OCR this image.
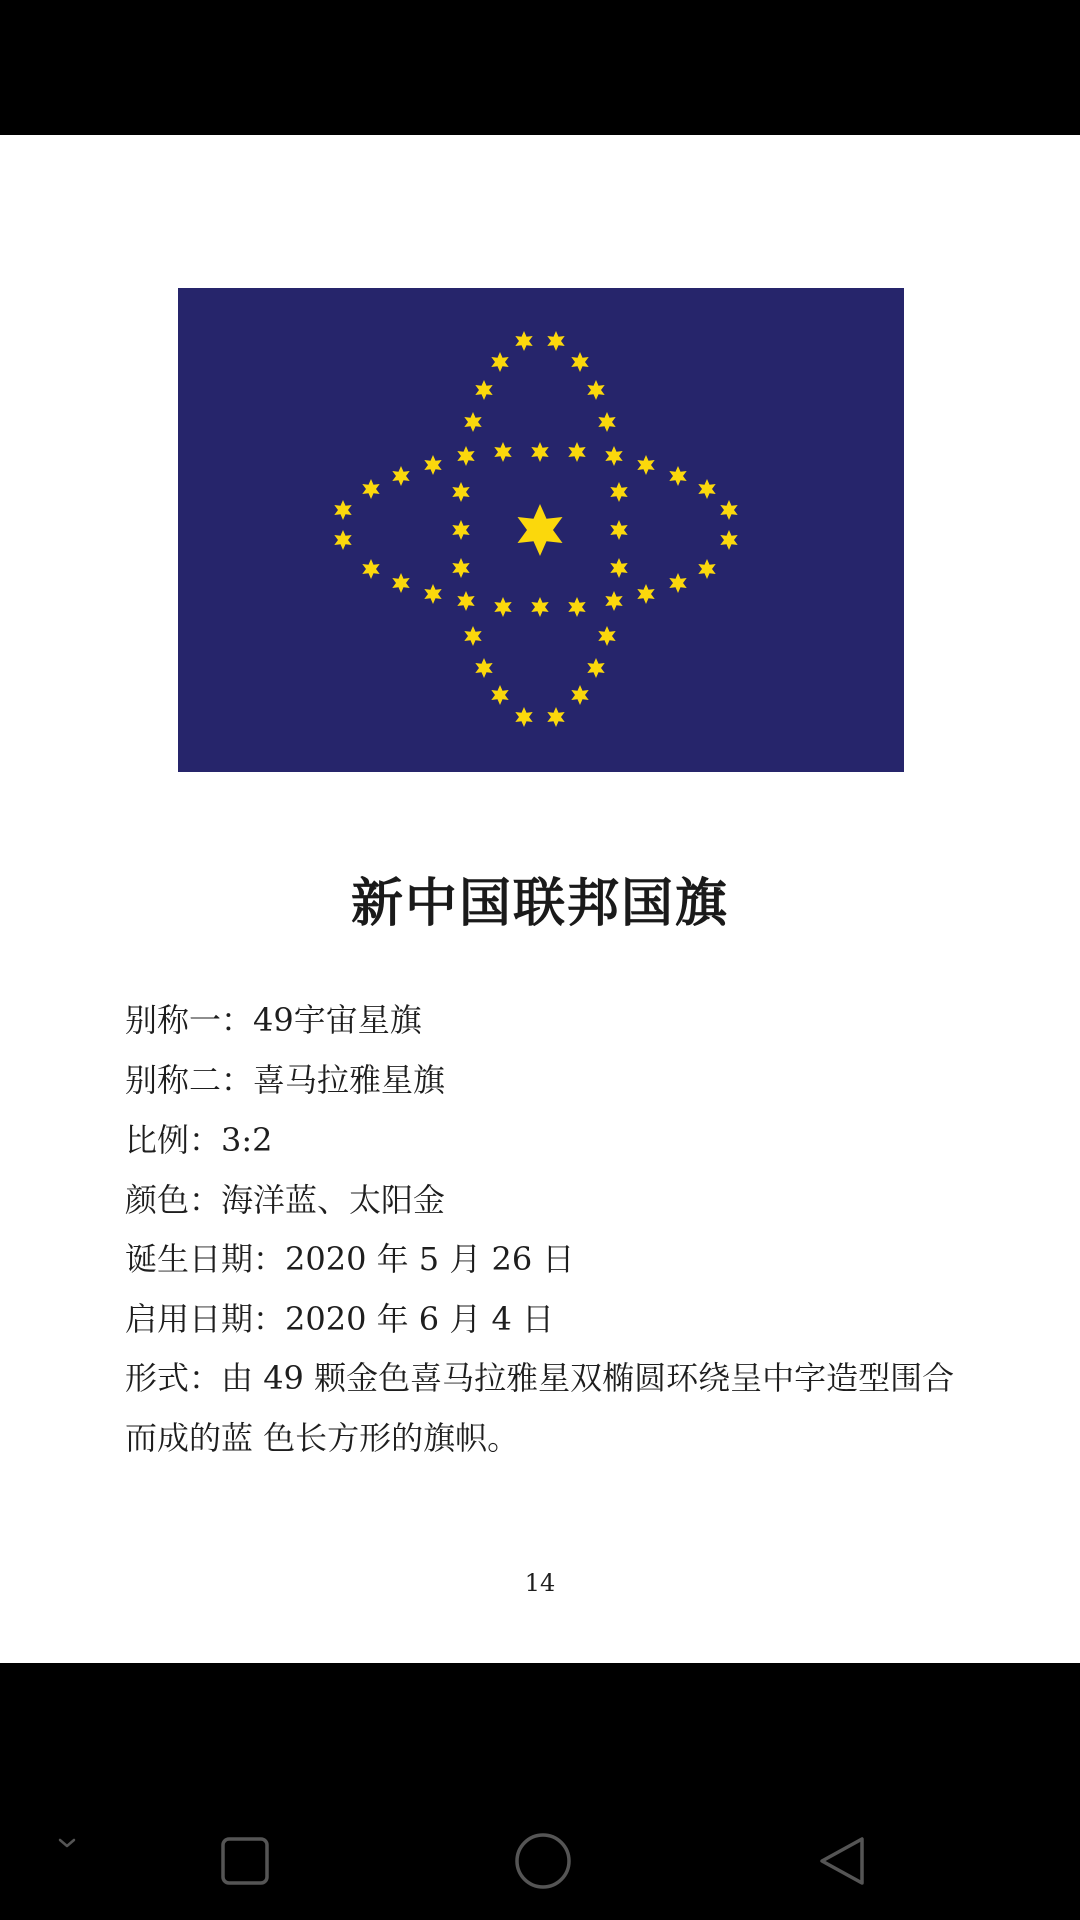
新中国联邦国旗
别称一：49宇宙星旗
别称二：喜马拉雅星旗
比例：3:2
颜色：海洋蓝、太阳金
诞生日期：2020 年 5 月 26 日
启用日期：2020 年 6 月 4 日
形式：由 49 颗金色喜马拉雅星双椭圆环绕呈中字造型围合而成的蓝 色长方形的旗帜。
14
